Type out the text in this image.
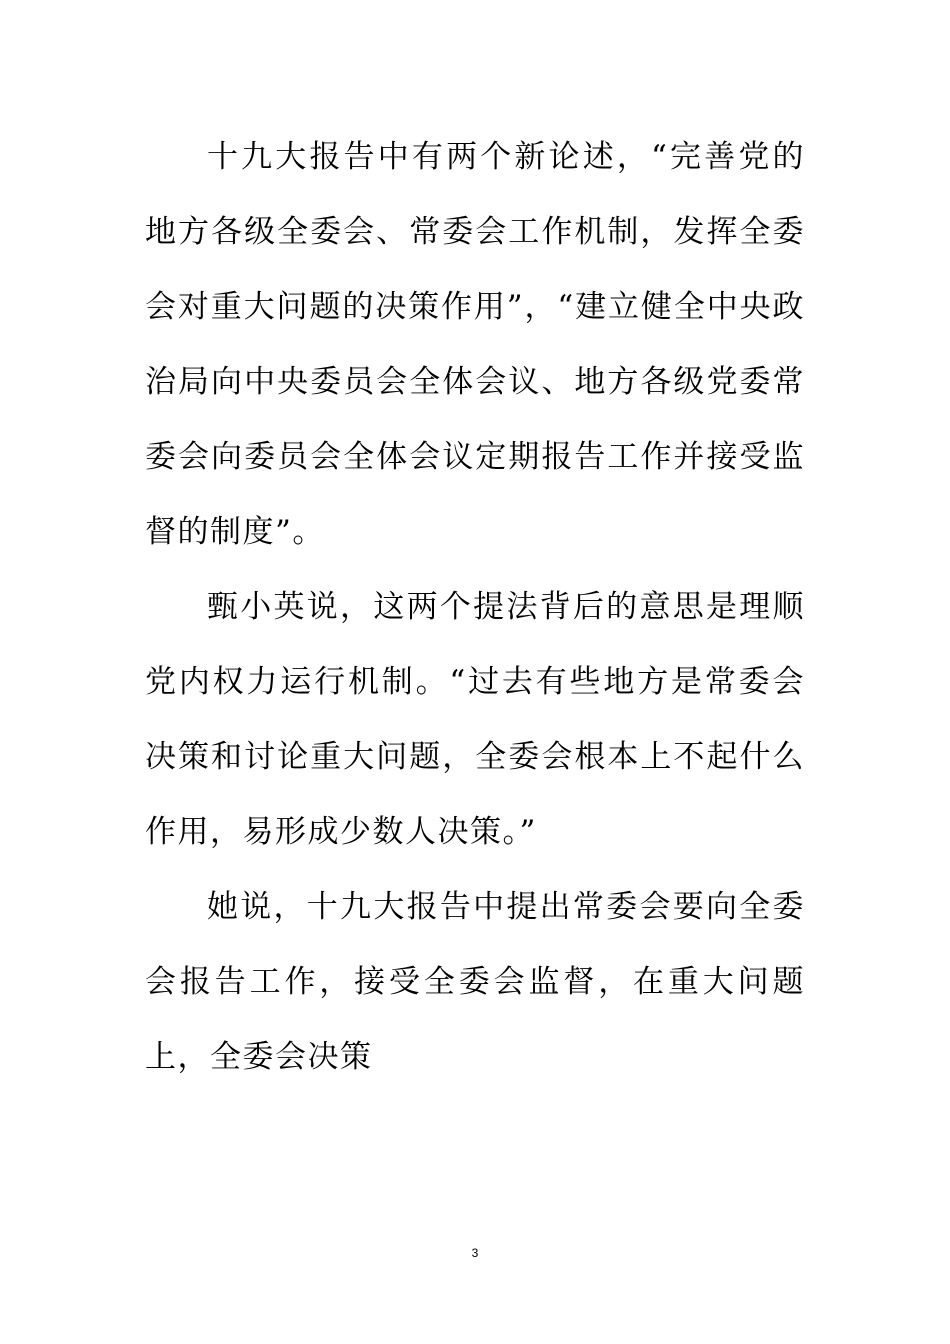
十九大报告中有两个新论述，“完善党的地方各级全委会、常委会工作机制，发挥全委会对重大问题的决策作用”，“建立健全中央政治局向中央委员会全体会议、地方各级党委常委会向委员会全体会议定期报告工作并接受监督的制度”。

甄小英说，这两个提法背后的意思是理顺党内权力运行机制。“过去有些地方是常委会决策和讨论重大问题，全委会根本上不起什么作用，易形成少数人决策。”

她说，十九大报告中提出常委会要向全委会报告工作，接受全委会监督，在重大问题上，全委会决策

3
